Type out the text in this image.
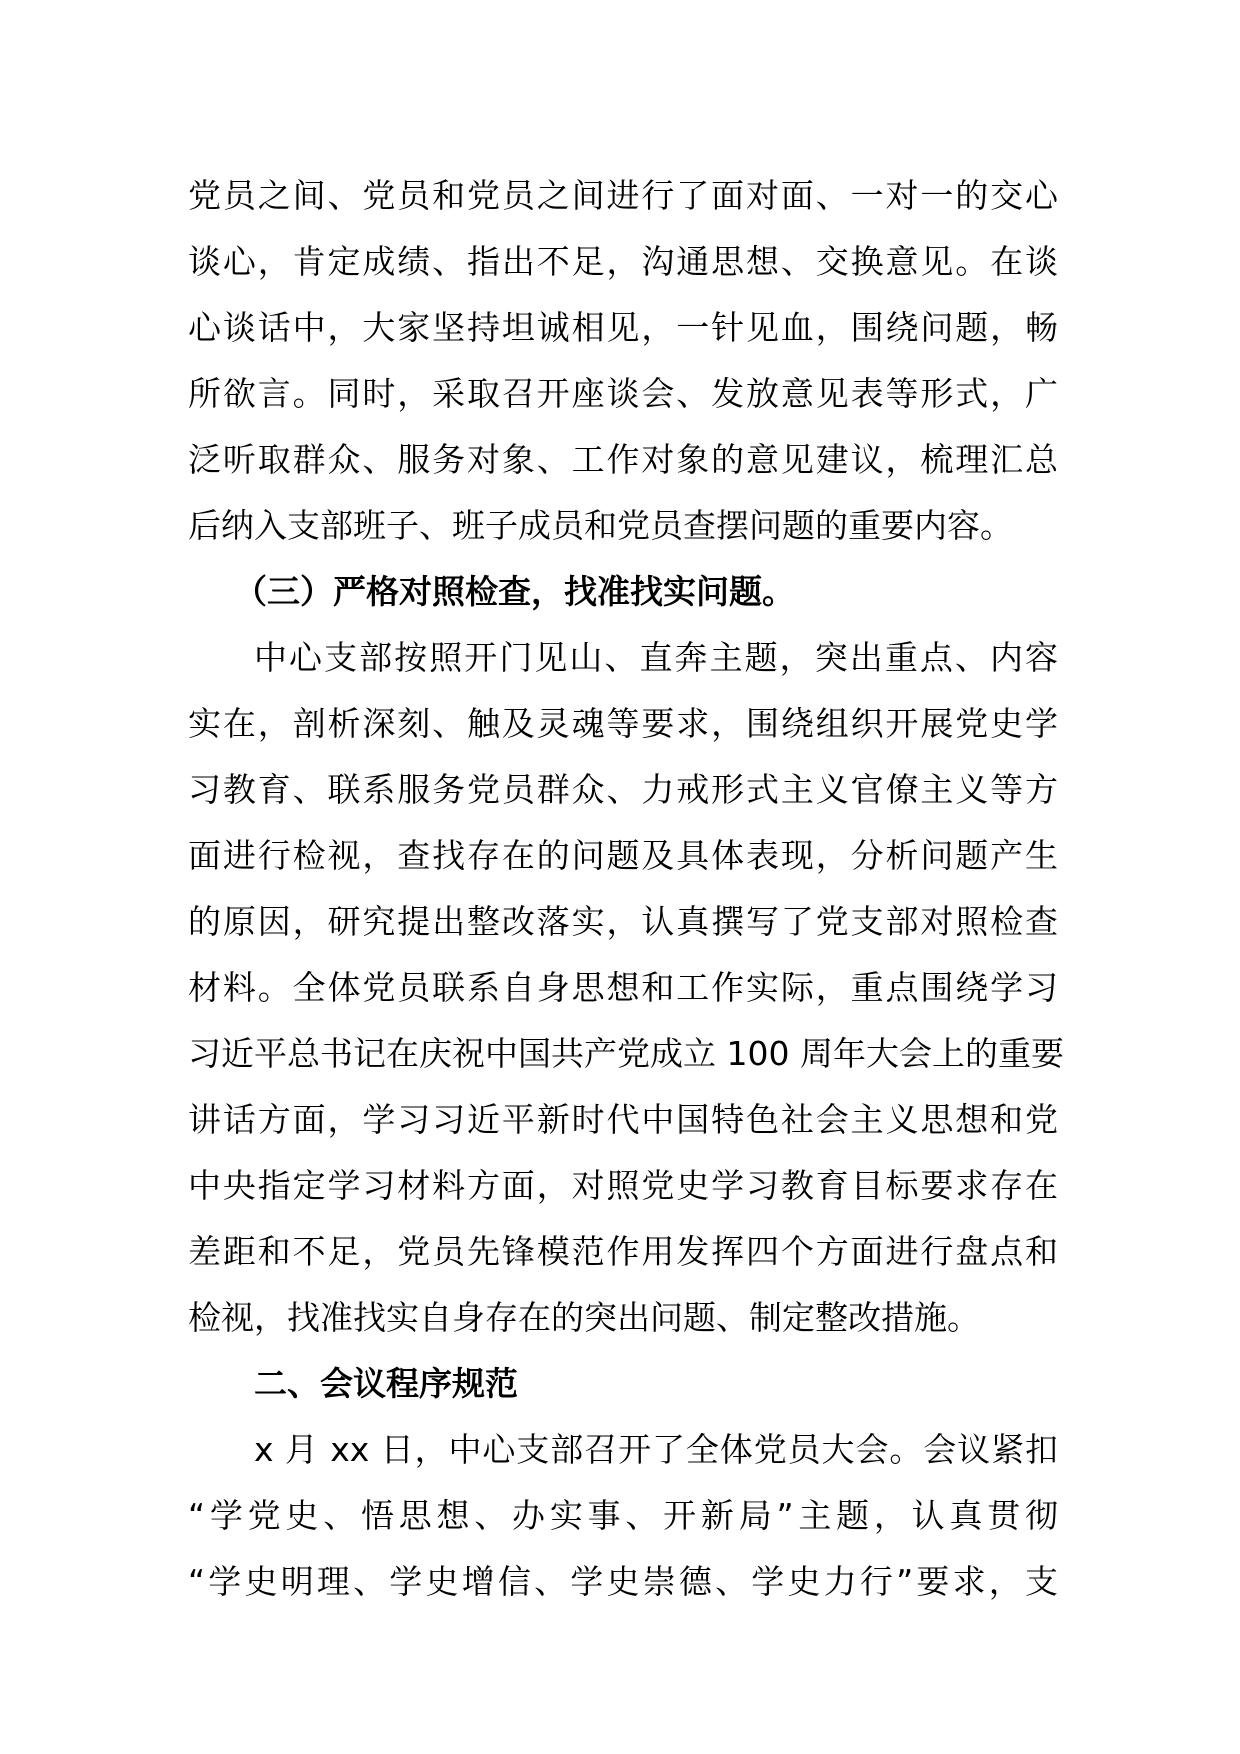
党员之间、党员和党员之间进行了面对面、一对一的交心
谈心，肯定成绩、指出不足，沟通思想、交换意见。在谈
心谈话中，大家坚持坦诚相见，一针见血，围绕问题，畅
所欲言。同时，采取召开座谈会、发放意见表等形式，广
泛听取群众、服务对象、工作对象的意见建议，梳理汇总
后纳入支部班子、班子成员和党员查摆问题的重要内容。
（三）严格对照检查，找准找实问题。
中心支部按照开门见山、直奔主题，突出重点、内容
实在，剖析深刻、触及灵魂等要求，围绕组织开展党史学
习教育、联系服务党员群众、力戒形式主义官僚主义等方
面进行检视，查找存在的问题及具体表现，分析问题产生
的原因，研究提出整改落实，认真撰写了党支部对照检查
材料。全体党员联系自身思想和工作实际，重点围绕学习
习近平总书记在庆祝中国共产党成立 100 周年大会上的重要
讲话方面，学习习近平新时代中国特色社会主义思想和党
中央指定学习材料方面，对照党史学习教育目标要求存在
差距和不足，党员先锋模范作用发挥四个方面进行盘点和
检视，找准找实自身存在的突出问题、制定整改措施。
二、会议程序规范
x 月 xx 日，中心支部召开了全体党员大会。会议紧扣
“学党史、悟思想、办实事、开新局”主题，认真贯彻
“学史明理、学史增信、学史崇德、学史力行”要求，支
